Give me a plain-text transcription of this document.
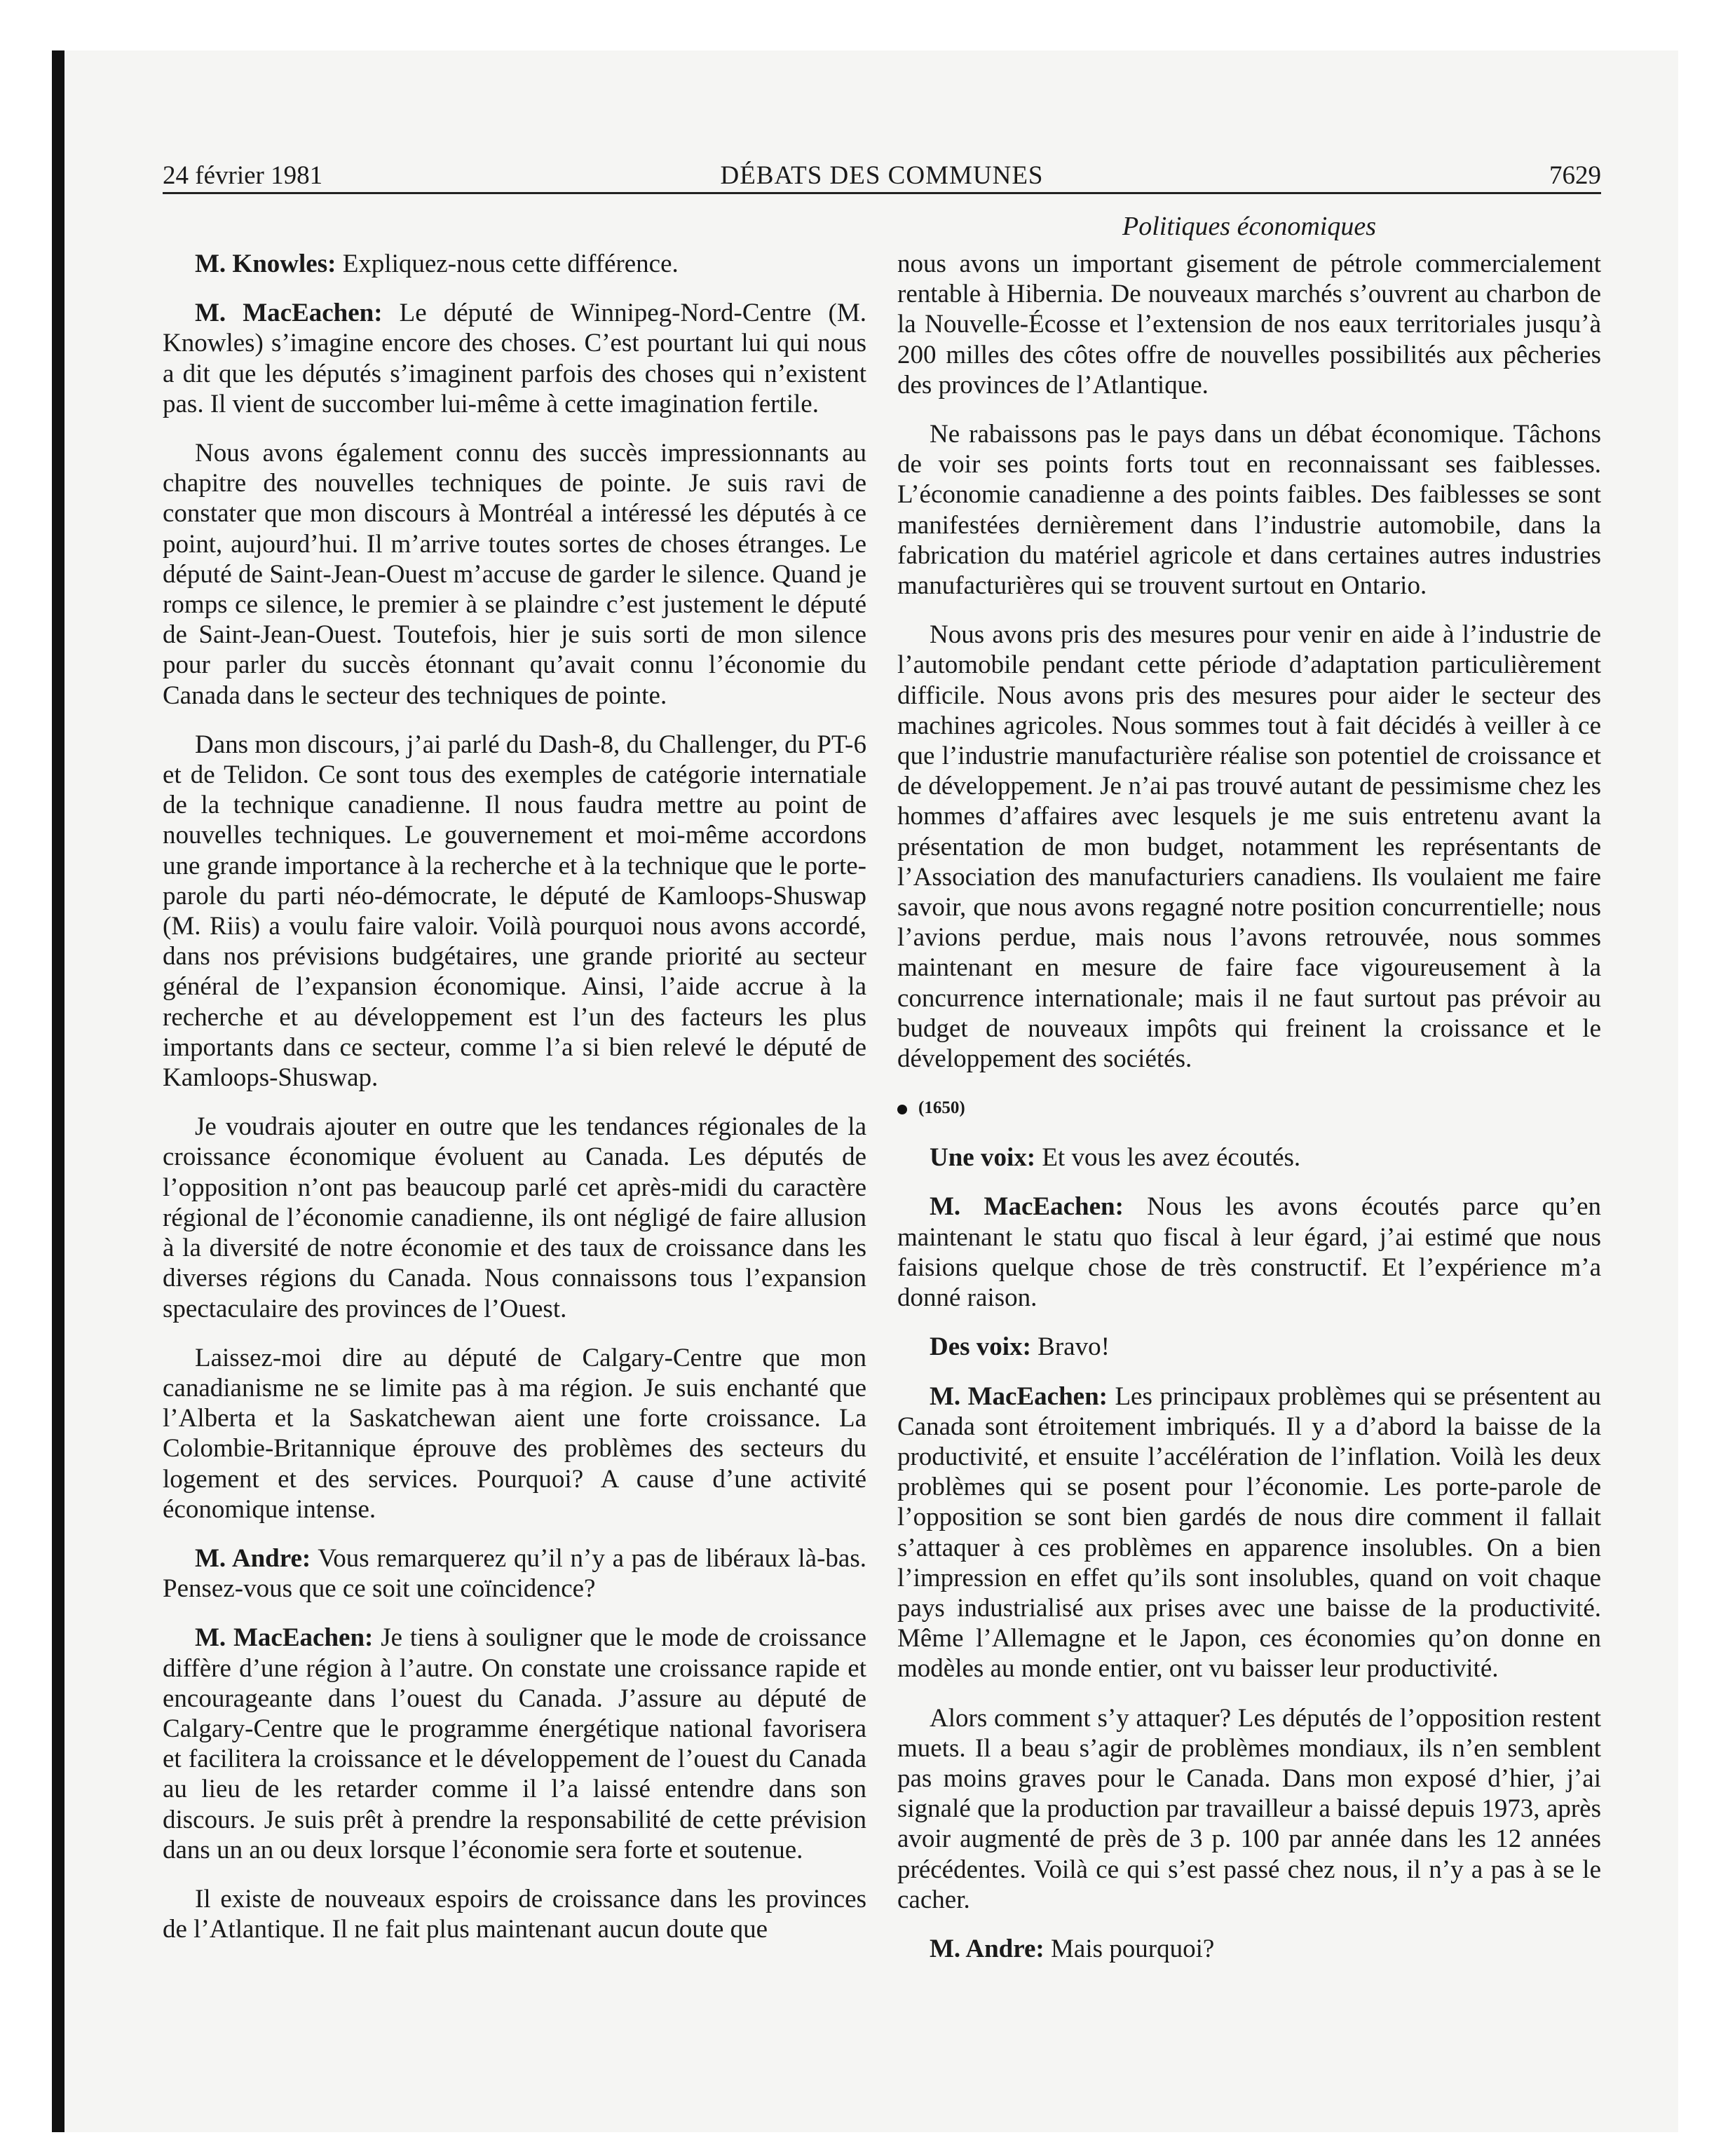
24 février 1981	DÉBATS DES COMMUNES	7629
Politiques économiques

M. Knowles: Expliquez-nous cette différence.

M. MacEachen: Le député de Winnipeg-Nord-Centre (M. Knowles) s’imagine encore des choses. C’est pourtant lui qui nous a dit que les députés s’imaginent parfois des choses qui n’existent pas. Il vient de succomber lui-même à cette imagination fertile.

Nous avons également connu des succès impressionnants au chapitre des nouvelles techniques de pointe. Je suis ravi de constater que mon discours à Montréal a intéressé les députés à ce point, aujourd’hui. Il m’arrive toutes sortes de choses étranges. Le député de Saint-Jean-Ouest m’accuse de garder le silence. Quand je romps ce silence, le premier à se plaindre c’est justement le député de Saint-Jean-Ouest. Toutefois, hier je suis sorti de mon silence pour parler du succès étonnant qu’avait connu l’économie du Canada dans le secteur des techniques de pointe.

Dans mon discours, j’ai parlé du Dash-8, du Challenger, du PT-6 et de Telidon. Ce sont tous des exemples de catégorie internatiale de la technique canadienne. Il nous faudra mettre au point de nouvelles techniques. Le gouvernement et moi-même accordons une grande importance à la recherche et à la technique que le porte-parole du parti néo-démocrate, le député de Kamloops-Shuswap (M. Riis) a voulu faire valoir. Voilà pourquoi nous avons accordé, dans nos prévisions budgétaires, une grande priorité au secteur général de l’expansion économique. Ainsi, l’aide accrue à la recherche et au développement est l’un des facteurs les plus importants dans ce secteur, comme l’a si bien relevé le député de Kamloops-Shuswap.

Je voudrais ajouter en outre que les tendances régionales de la croissance économique évoluent au Canada. Les députés de l’opposition n’ont pas beaucoup parlé cet après-midi du caractère régional de l’économie canadienne, ils ont négligé de faire allusion à la diversité de notre économie et des taux de croissance dans les diverses régions du Canada. Nous connaissons tous l’expansion spectaculaire des provinces de l’Ouest.

Laissez-moi dire au député de Calgary-Centre que mon canadianisme ne se limite pas à ma région. Je suis enchanté que l’Alberta et la Saskatchewan aient une forte croissance. La Colombie-Britannique éprouve des problèmes des secteurs du logement et des services. Pourquoi? A cause d’une activité économique intense.

M. Andre: Vous remarquerez qu’il n’y a pas de libéraux là-bas. Pensez-vous que ce soit une coïncidence?

M. MacEachen: Je tiens à souligner que le mode de croissance diffère d’une région à l’autre. On constate une croissance rapide et encourageante dans l’ouest du Canada. J’assure au député de Calgary-Centre que le programme énergétique national favorisera et facilitera la croissance et le développement de l’ouest du Canada au lieu de les retarder comme il l’a laissé entendre dans son discours. Je suis prêt à prendre la responsabilité de cette prévision dans un an ou deux lorsque l’économie sera forte et soutenue.

Il existe de nouveaux espoirs de croissance dans les provinces de l’Atlantique. Il ne fait plus maintenant aucun doute que

nous avons un important gisement de pétrole commercialement rentable à Hibernia. De nouveaux marchés s’ouvrent au charbon de la Nouvelle-Écosse et l’extension de nos eaux territoriales jusqu’à 200 milles des côtes offre de nouvelles possibilités aux pêcheries des provinces de l’Atlantique.

Ne rabaissons pas le pays dans un débat économique. Tâchons de voir ses points forts tout en reconnaissant ses faiblesses. L’économie canadienne a des points faibles. Des faiblesses se sont manifestées dernièrement dans l’industrie automobile, dans la fabrication du matériel agricole et dans certaines autres industries manufacturières qui se trouvent surtout en Ontario.

Nous avons pris des mesures pour venir en aide à l’industrie de l’automobile pendant cette période d’adaptation particulièrement difficile. Nous avons pris des mesures pour aider le secteur des machines agricoles. Nous sommes tout à fait décidés à veiller à ce que l’industrie manufacturière réalise son potentiel de croissance et de développement. Je n’ai pas trouvé autant de pessimisme chez les hommes d’affaires avec lesquels je me suis entretenu avant la présentation de mon budget, notamment les représentants de l’Association des manufacturiers canadiens. Ils voulaient me faire savoir, que nous avons regagné notre position concurrentielle; nous l’avions perdue, mais nous l’avons retrouvée, nous sommes maintenant en mesure de faire face vigoureusement à la concurrence internationale; mais il ne faut surtout pas prévoir au budget de nouveaux impôts qui freinent la croissance et le développement des sociétés.

(1650)

Une voix: Et vous les avez écoutés.

M. MacEachen: Nous les avons écoutés parce qu’en maintenant le statu quo fiscal à leur égard, j’ai estimé que nous faisions quelque chose de très constructif. Et l’expérience m’a donné raison.

Des voix: Bravo!

M. MacEachen: Les principaux problèmes qui se présentent au Canada sont étroitement imbriqués. Il y a d’abord la baisse de la productivité, et ensuite l’accélération de l’inflation. Voilà les deux problèmes qui se posent pour l’économie. Les porte-parole de l’opposition se sont bien gardés de nous dire comment il fallait s’attaquer à ces problèmes en apparence insolubles. On a bien l’impression en effet qu’ils sont insolubles, quand on voit chaque pays industrialisé aux prises avec une baisse de la productivité. Même l’Allemagne et le Japon, ces économies qu’on donne en modèles au monde entier, ont vu baisser leur productivité.

Alors comment s’y attaquer? Les députés de l’opposition restent muets. Il a beau s’agir de problèmes mondiaux, ils n’en semblent pas moins graves pour le Canada. Dans mon exposé d’hier, j’ai signalé que la production par travailleur a baissé depuis 1973, après avoir augmenté de près de 3 p. 100 par année dans les 12 années précédentes. Voilà ce qui s’est passé chez nous, il n’y a pas à se le cacher.

M. Andre: Mais pourquoi?
